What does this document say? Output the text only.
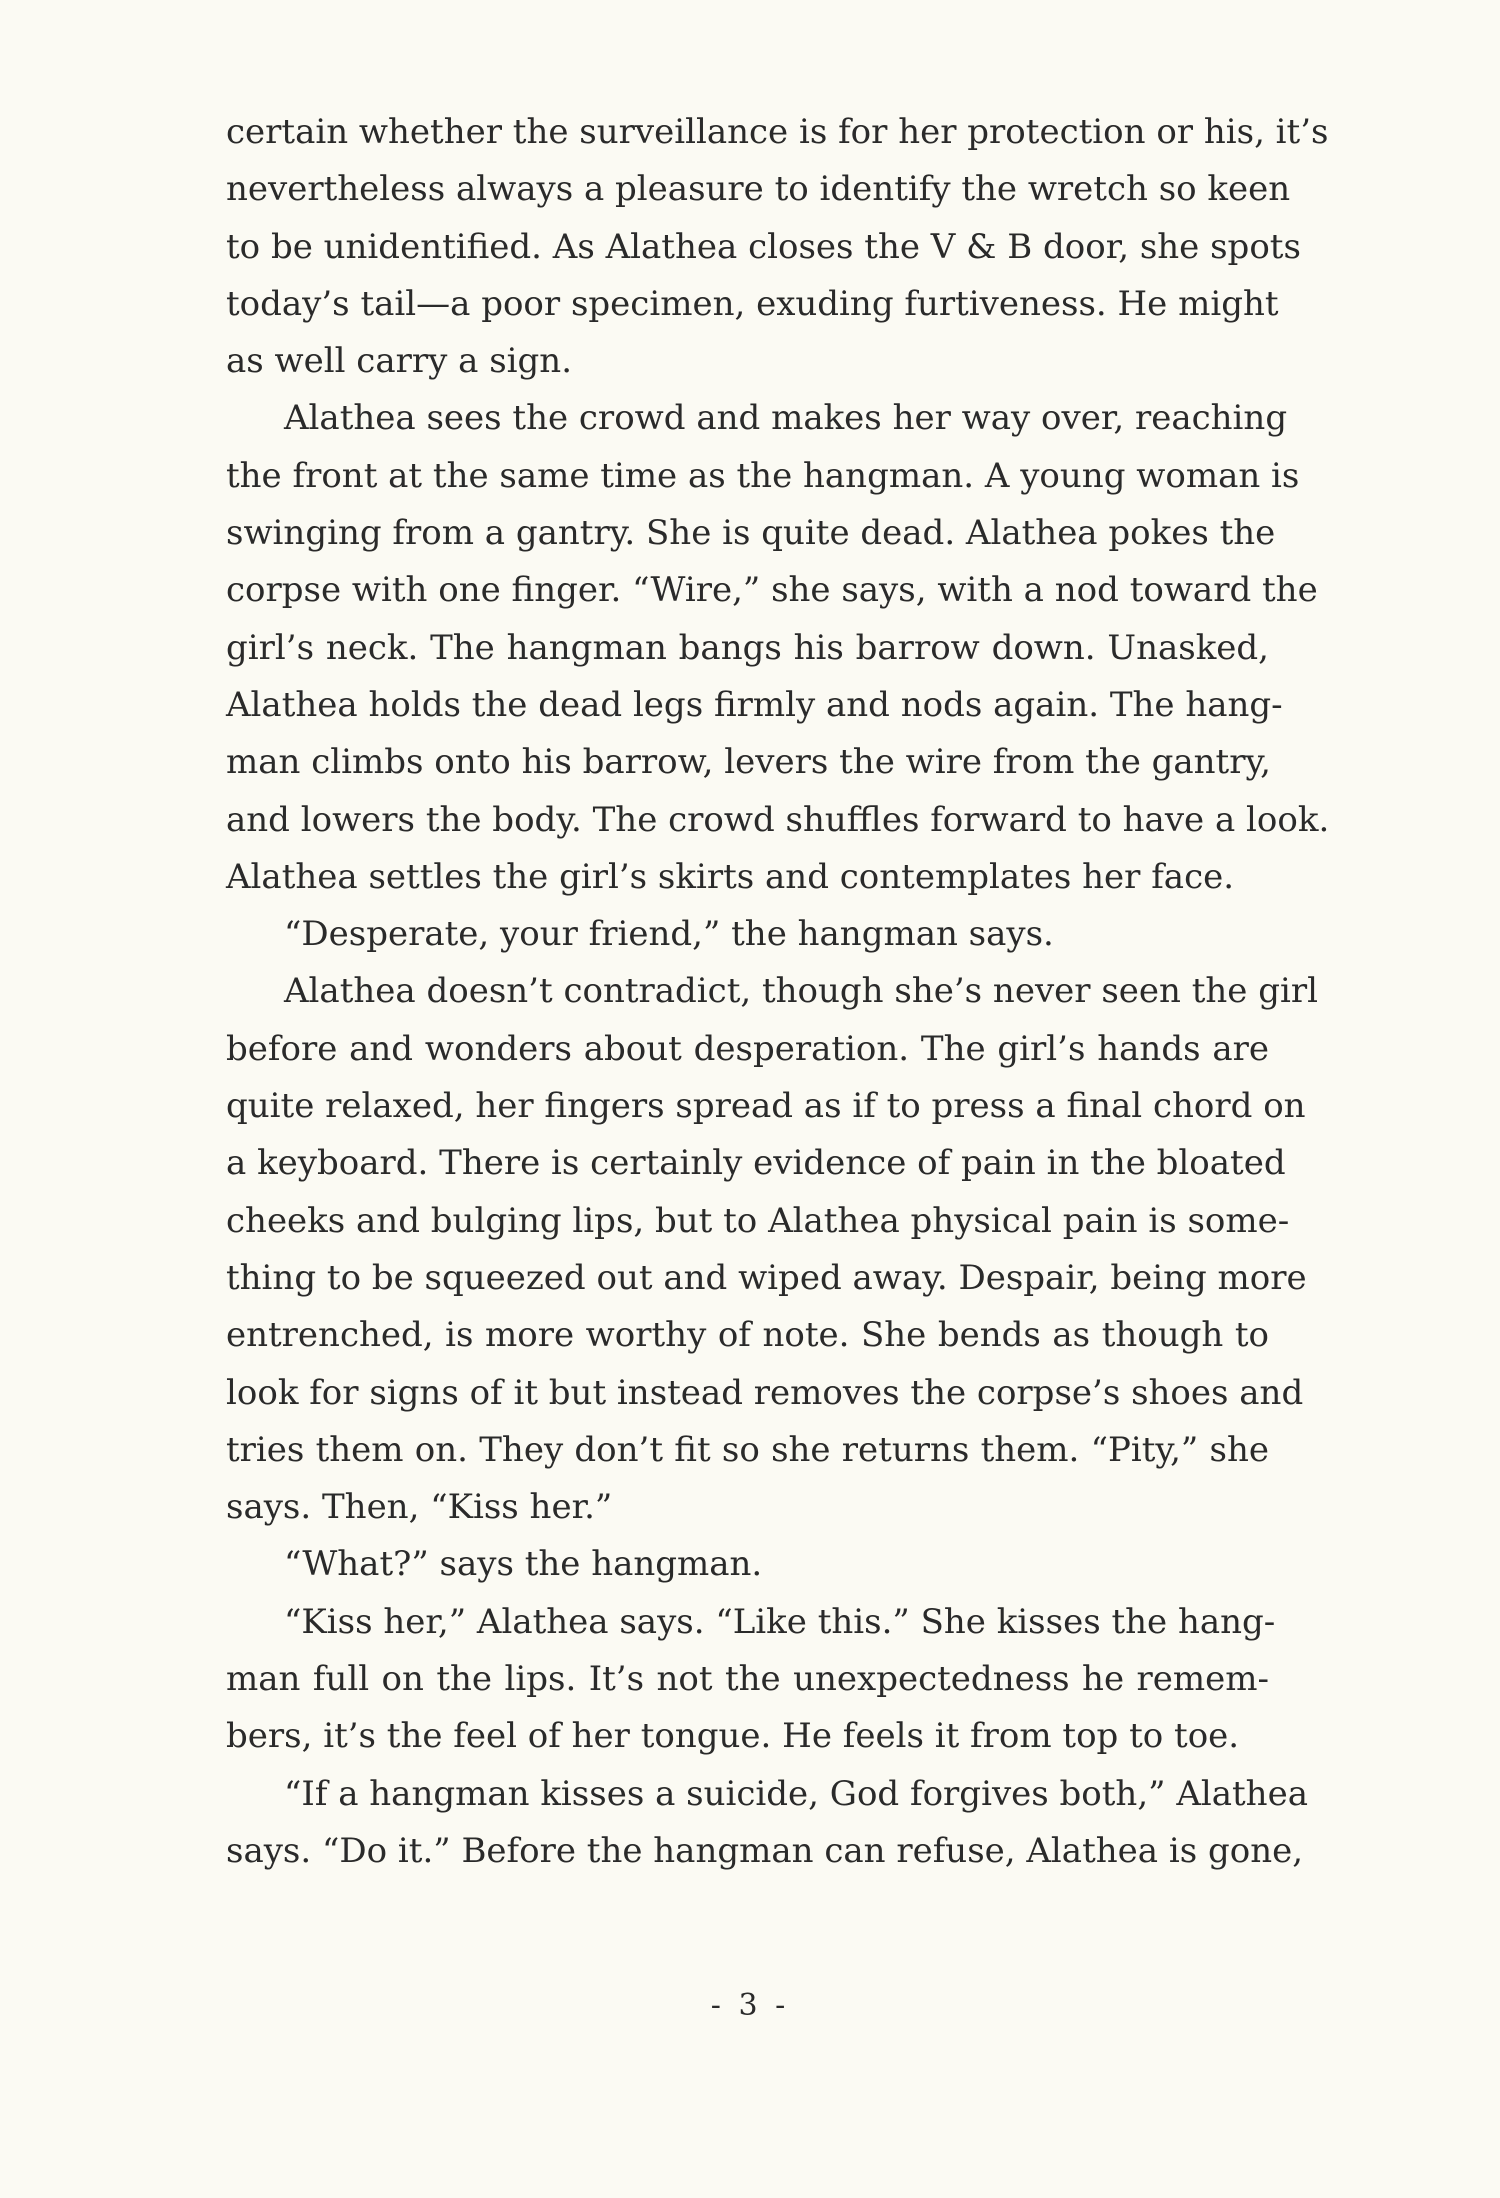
certain whether the surveillance is for her protection or his, it’s
nevertheless always a pleasure to identify the wretch so keen
to be unidentified. As Alathea closes the V & B door, she spots
today’s tail—a poor specimen, exuding furtiveness. He might
as well carry a sign.
Alathea sees the crowd and makes her way over, reaching
the front at the same time as the hangman. A young woman is
swinging from a gantry. She is quite dead. Alathea pokes the
corpse with one finger. “Wire,” she says, with a nod toward the
girl’s neck. The hangman bangs his barrow down. Unasked,
Alathea holds the dead legs firmly and nods again. The hang-
man climbs onto his barrow, levers the wire from the gantry,
and lowers the body. The crowd shuffles forward to have a look.
Alathea settles the girl’s skirts and contemplates her face.
“Desperate, your friend,” the hangman says.
Alathea doesn’t contradict, though she’s never seen the girl
before and wonders about desperation. The girl’s hands are
quite relaxed, her fingers spread as if to press a final chord on
a keyboard. There is certainly evidence of pain in the bloated
cheeks and bulging lips, but to Alathea physical pain is some-
thing to be squeezed out and wiped away. Despair, being more
entrenched, is more worthy of note. She bends as though to
look for signs of it but instead removes the corpse’s shoes and
tries them on. They don’t fit so she returns them. “Pity,” she
says. Then, “Kiss her.”
“What?” says the hangman.
“Kiss her,” Alathea says. “Like this.” She kisses the hang-
man full on the lips. It’s not the unexpectedness he remem-
bers, it’s the feel of her tongue. He feels it from top to toe.
“If a hangman kisses a suicide, God forgives both,” Alathea
says. “Do it.” Before the hangman can refuse, Alathea is gone,
- 3 -
